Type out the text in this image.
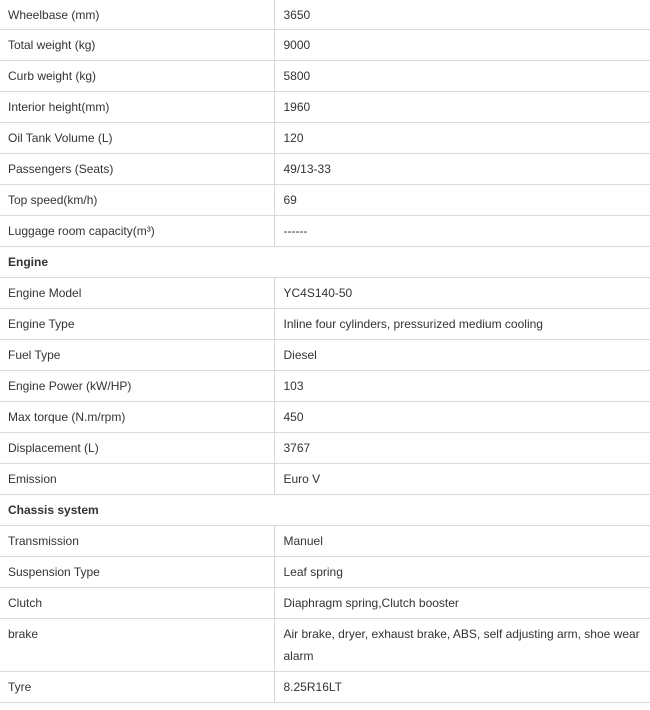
Wheelbase (mm)	3650
Total weight (kg)	9000
Curb weight (kg)	5800
Interior height(mm)	1960
Oil Tank Volume (L)	120
Passengers (Seats)	49/13-33
Top speed(km/h)	69
Luggage room capacity(m³)	------
Engine	
Engine Model	YC4S140-50
Engine Type	Inline four cylinders, pressurized medium cooling
Fuel Type	Diesel
Engine Power (kW/HP)	103
Max torque (N.m/rpm)	450
Displacement (L)	3767
Emission	Euro V
Chassis system	
Transmission	Manuel
Suspension Type	Leaf spring
Clutch	Diaphragm spring,Clutch booster
brake	Air brake, dryer, exhaust brake, ABS, self adjusting arm, shoe wear alarm
Tyre	8.25R16LT
